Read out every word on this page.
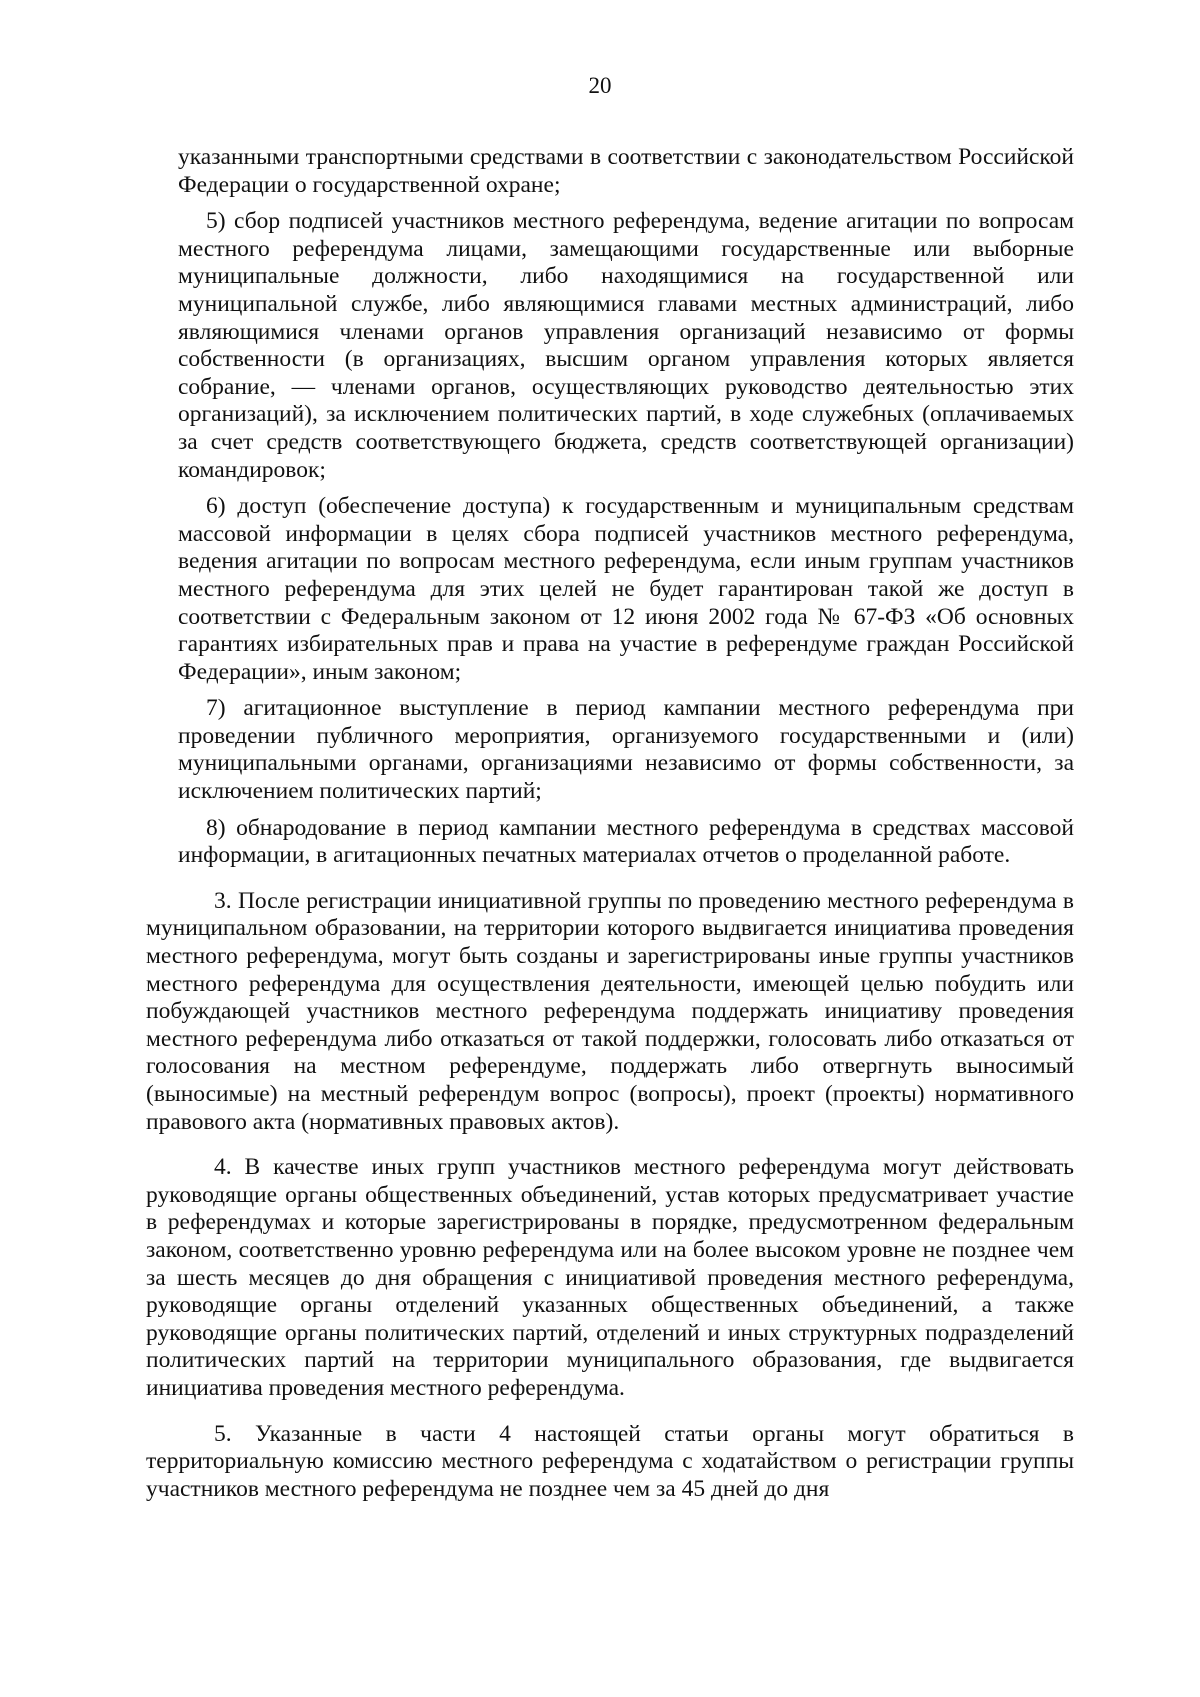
20

указанными транспортными средствами в соответствии с законодательством Российской Федерации о государственной охране;

5) сбор подписей участников местного референдума, ведение агитации по вопросам местного референдума лицами, замещающими государственные или выборные муниципальные должности, либо находящимися на государственной или муниципальной службе, либо являющимися главами местных администраций, либо являющимися членами органов управления организаций независимо от формы собственности (в организациях, высшим органом управления которых является собрание, — членами органов, осуществляющих руководство деятельностью этих организаций), за исключением политических партий, в ходе служебных (оплачиваемых за счет средств соответствующего бюджета, средств соответствующей организации) командировок;

6) доступ (обеспечение доступа) к государственным и муниципальным средствам массовой информации в целях сбора подписей участников местного референдума, ведения агитации по вопросам местного референдума, если иным группам участников местного референдума для этих целей не будет гарантирован такой же доступ в соответствии с Федеральным законом от 12 июня 2002 года № 67-ФЗ «Об основных гарантиях избирательных прав и права на участие в референдуме граждан Российской Федерации», иным законом;

7) агитационное выступление в период кампании местного референдума при проведении публичного мероприятия, организуемого государственными и (или) муниципальными органами, организациями независимо от формы собственности, за исключением политических партий;

8) обнародование в период кампании местного референдума в средствах массовой информации, в агитационных печатных материалах отчетов о проделанной работе.

3. После регистрации инициативной группы по проведению местного референдума в муниципальном образовании, на территории которого выдвигается инициатива проведения местного референдума, могут быть созданы и зарегистрированы иные группы участников местного референдума для осуществления деятельности, имеющей целью побудить или побуждающей участников местного референдума поддержать инициативу проведения местного референдума либо отказаться от такой поддержки, голосовать либо отказаться от голосования на местном референдуме, поддержать либо отвергнуть выносимый (выносимые) на местный референдум вопрос (вопросы), проект (проекты) нормативного правового акта (нормативных правовых актов).

4. В качестве иных групп участников местного референдума могут действовать руководящие органы общественных объединений, устав которых предусматривает участие в референдумах и которые зарегистрированы в порядке, предусмотренном федеральным законом, соответственно уровню референдума или на более высоком уровне не позднее чем за шесть месяцев до дня обращения с инициативой проведения местного референдума, руководящие органы отделений указанных общественных объединений, а также руководящие органы политических партий, отделений и иных структурных подразделений политических партий на территории муниципального образования, где выдвигается инициатива проведения местного референдума.

5. Указанные в части 4 настоящей статьи органы могут обратиться в территориальную комиссию местного референдума с ходатайством о регистрации группы участников местного референдума не позднее чем за 45 дней до дня
